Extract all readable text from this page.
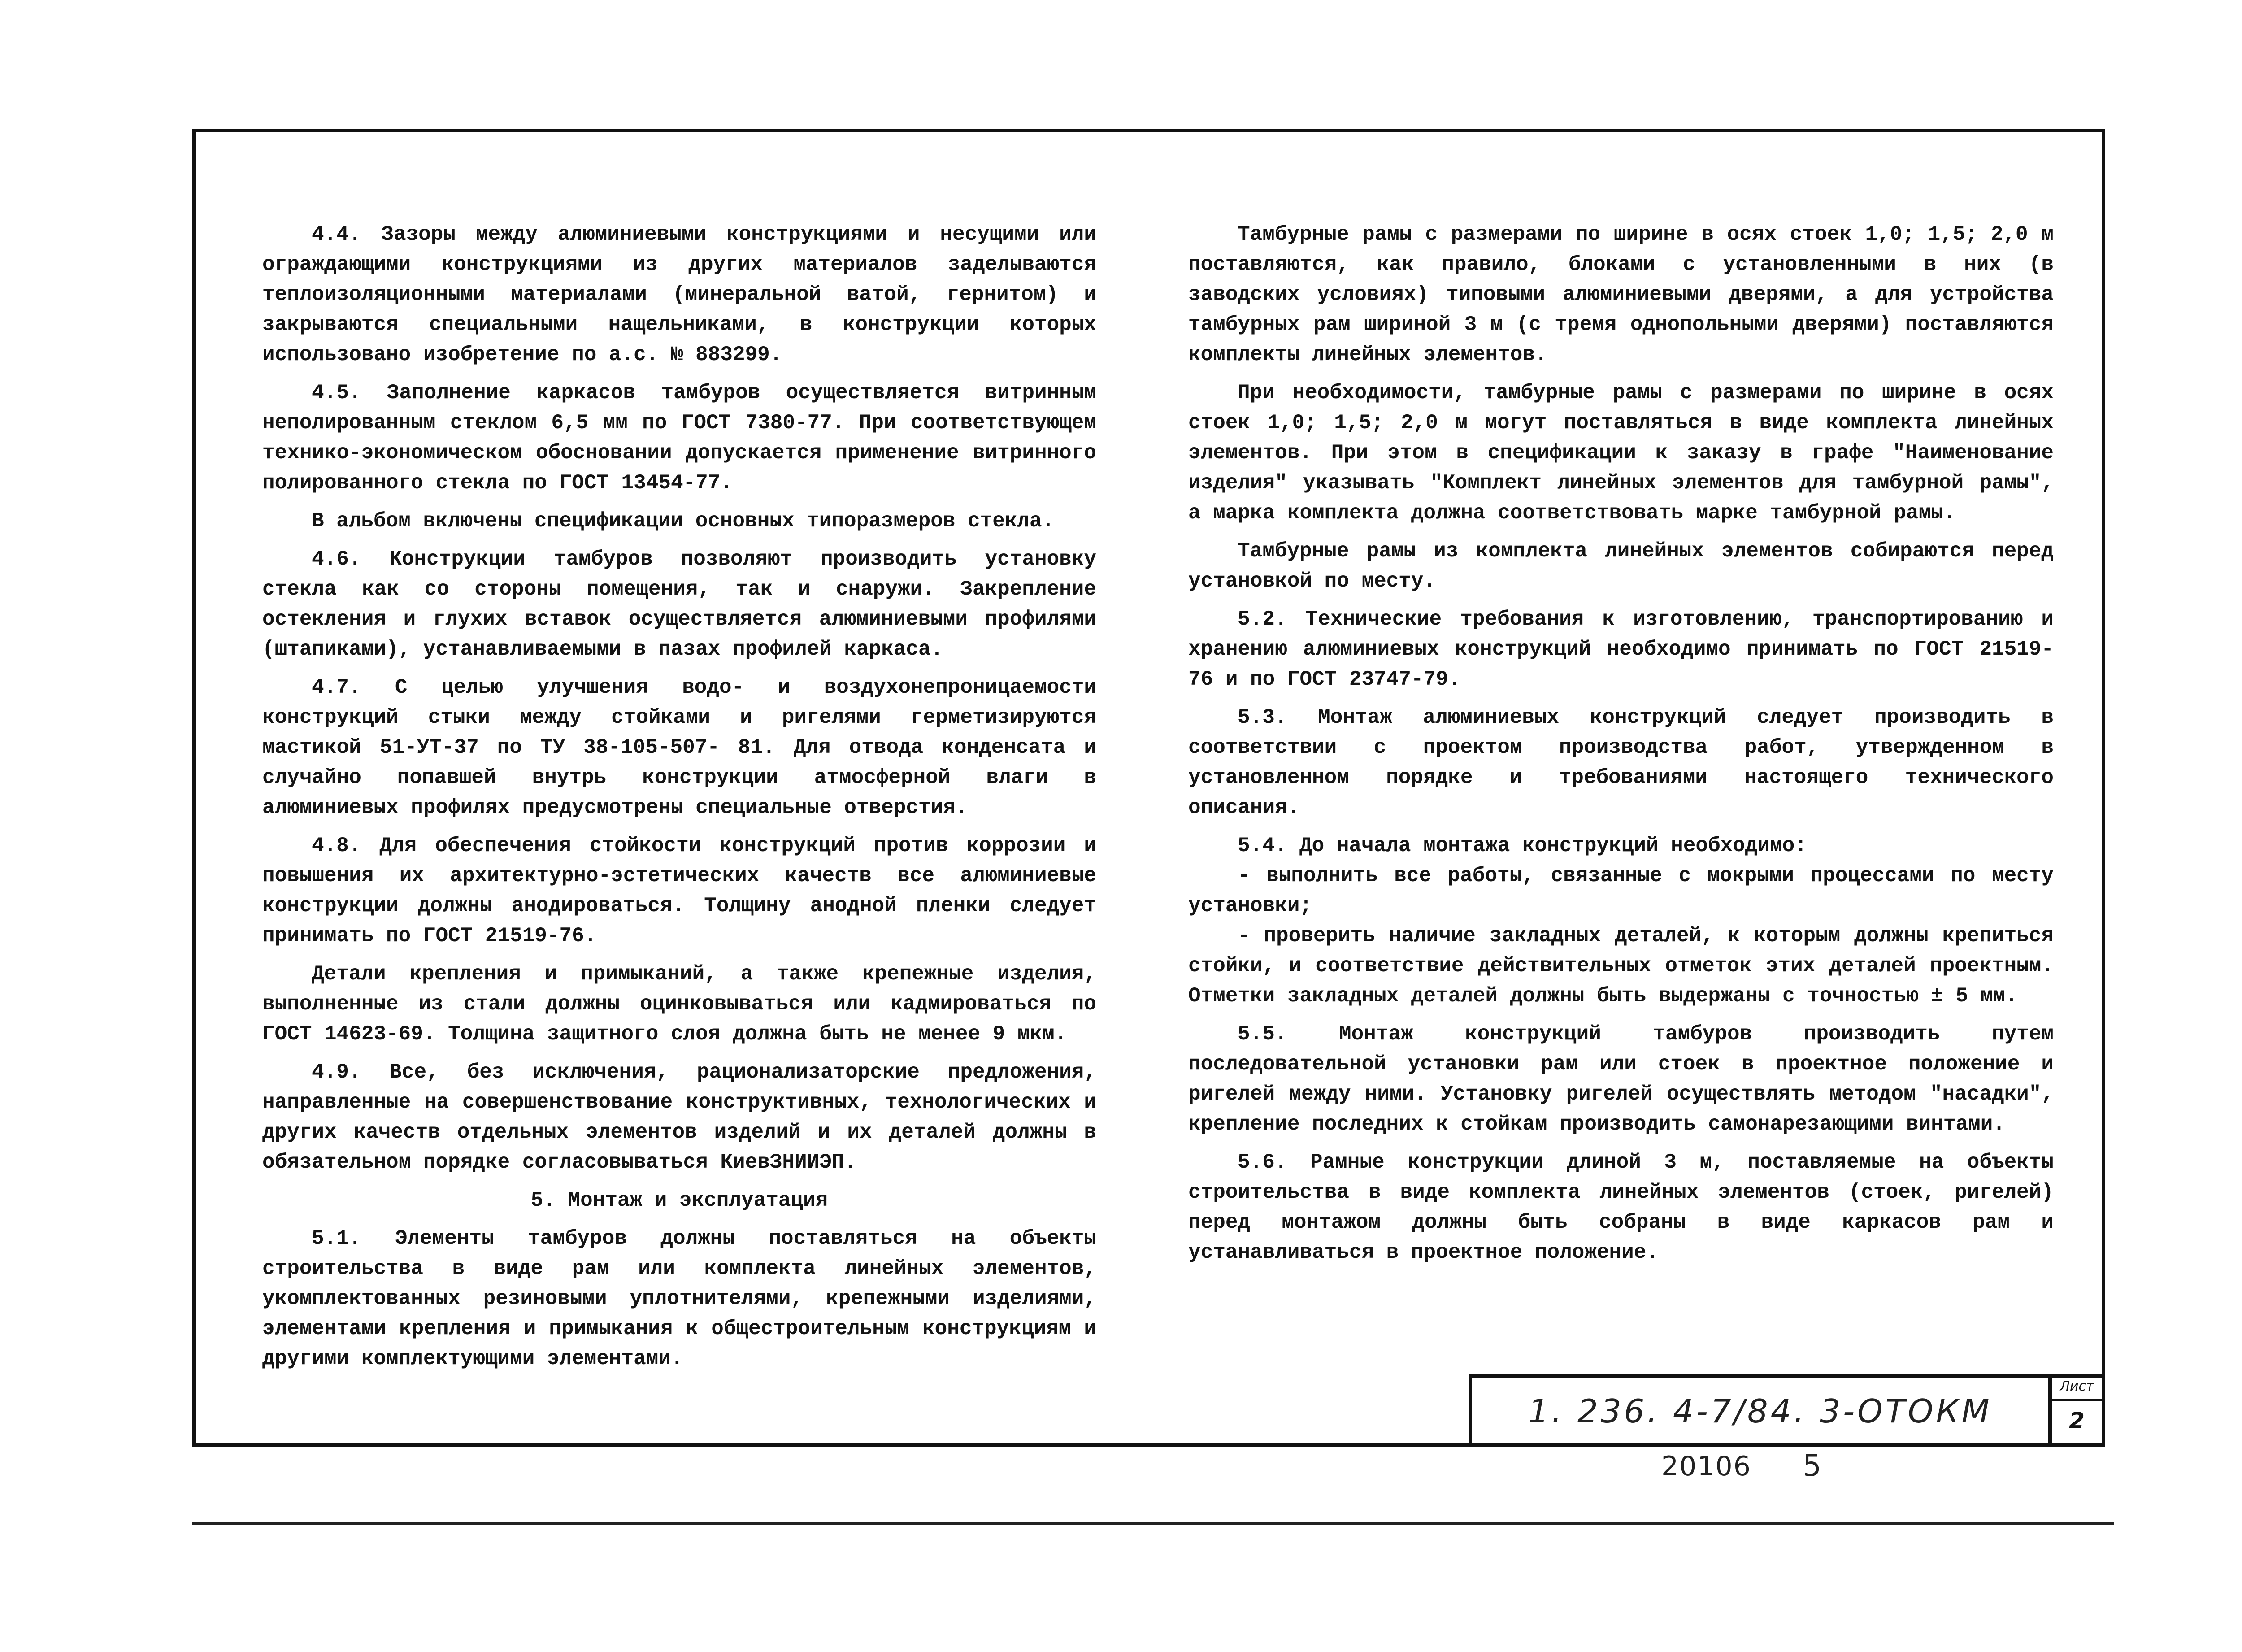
4.4. Зазоры между алюминиевыми конструкциями и несущими или ограждающими конструкциями из других материалов заделываются теплоизоляционными материалами (минеральной ватой, гернитом) и закрываются специальными нащельниками, в конструкции которых использовано изобретение по а.с. № 883299.

4.5. Заполнение каркасов тамбуров осуществляется витринным неполированным стеклом 6,5 мм по ГОСТ 7380-77. При соответствующем технико-экономическом обосновании допускается применение витринного полированного стекла по ГОСТ 13454-77.

В альбом включены спецификации основных типоразмеров стекла.

4.6. Конструкции тамбуров позволяют производить установку стекла как со стороны помещения, так и снаружи. Закрепление остекления и глухих вставок осуществляется алюминиевыми профилями (штапиками), устанавливаемыми в пазах профилей каркаса.

4.7. С целью улучшения водо- и воздухонепроницаемости конструкций стыки между стойками и ригелями герметизируются мастикой 51-УТ-37 по ТУ 38-105-507- 81. Для отвода конденсата и случайно попавшей внутрь конструкции атмосферной влаги в алюминиевых профилях предусмотрены специальные отверстия.

4.8. Для обеспечения стойкости конструкций против коррозии и повышения их архитектурно-эстетических качеств все алюминиевые конструкции должны анодироваться. Толщину анодной пленки следует принимать по ГОСТ 21519-76.

Детали крепления и примыканий, а также крепежные изделия, выполненные из стали должны оцинковываться или кадмироваться по ГОСТ 14623-69. Толщина защитного слоя должна быть не менее 9 мкм.

4.9. Все, без исключения, рационализаторские предложения, направленные на совершенствование конструктивных, технологических и других качеств отдельных элементов изделий и их деталей должны в обязательном порядке согласовываться КиевЗНИИЭП.

5. Монтаж и эксплуатация

5.1. Элементы тамбуров должны поставляться на объекты строительства в виде рам или комплекта линейных элементов, укомплектованных резиновыми уплотнителями, крепежными изделиями, элементами крепления и примыкания к общестроительным конструкциям и другими комплектующими элементами.

Тамбурные рамы с размерами по ширине в осях стоек 1,0; 1,5; 2,0 м поставляются, как правило, блоками с установленными в них (в заводских условиях) типовыми алюминиевыми дверями, а для устройства тамбурных рам шириной 3 м (с тремя однопольными дверями) поставляются комплекты линейных элементов.

При необходимости, тамбурные рамы с размерами по ширине в осях стоек 1,0; 1,5; 2,0 м могут поставляться в виде комплекта линейных элементов. При этом в спецификации к заказу в графе "Наименование изделия" указывать "Комплект линейных элементов для тамбурной рамы", а марка комплекта должна соответствовать марке тамбурной рамы.

Тамбурные рамы из комплекта линейных элементов собираются перед установкой по месту.

5.2. Технические требования к изготовлению, транспортированию и хранению алюминиевых конструкций необходимо принимать по ГОСТ 21519-76 и по ГОСТ 23747-79.

5.3. Монтаж алюминиевых конструкций следует производить в соответствии с проектом производства работ, утвержденном в установленном порядке и требованиями настоящего технического описания.

5.4. До начала монтажа конструкций необходимо:

- выполнить все работы, связанные с мокрыми процессами по месту установки;

- проверить наличие закладных деталей, к которым должны крепиться стойки, и соответствие действительных отметок этих деталей проектным. Отметки закладных деталей должны быть выдержаны с точностью ± 5 мм.

5.5. Монтаж конструкций тамбуров производить путем последовательной установки рам или стоек в проектное положение и ригелей между ними. Установку ригелей осуществлять методом "насадки", крепление последних к стойкам производить самонарезающими винтами.

5.6. Рамные конструкции длиной 3 м, поставляемые на объекты строительства в виде комплекта линейных элементов (стоек, ригелей) перед монтажом должны быть собраны в виде каркасов рам и устанавливаться в проектное положение.

1. 236. 4-7/84. 3-ОТОКМ
Лист
2
20106 5
